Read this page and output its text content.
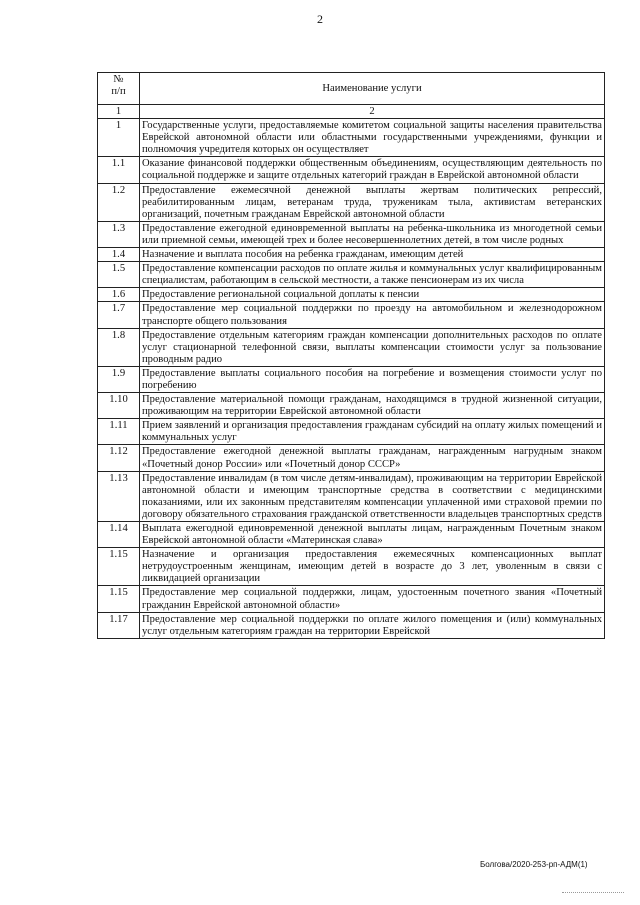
2
№
п/п	Наименование услуги
1	2
1	Государственные услуги, предоставляемые комитетом социальной защиты населения правительства Еврейской автономной области или областными государственными учреждениями, функции и полномочия учредителя которых он осуществляет
1.1	Оказание финансовой поддержки общественным объединениям, осуществляющим деятельность по социальной поддержке и защите отдельных категорий граждан в Еврейской автономной области
1.2	Предоставление ежемесячной денежной выплаты жертвам политических репрессий, реабилитированным лицам, ветеранам труда, труженикам тыла, активистам ветеранских организаций, почетным гражданам Еврейской автономной области
1.3	Предоставление ежегодной единовременной выплаты на ребенка-школьника из многодетной семьи или приемной семьи, имеющей трех и более несовершеннолетних детей, в том числе родных
1.4	Назначение и выплата пособия на ребенка гражданам, имеющим детей
1.5	Предоставление компенсации расходов по оплате жилья и коммунальных услуг квалифицированным специалистам, работающим в сельской местности, а также пенсионерам из их числа
1.6	Предоставление региональной социальной доплаты к пенсии
1.7	Предоставление мер социальной поддержки по проезду на автомобильном и железнодорожном транспорте общего пользования
1.8	Предоставление отдельным категориям граждан компенсации дополнительных расходов по оплате услуг стационарной телефонной связи, выплаты компенсации стоимости услуг за пользование проводным радио
1.9	Предоставление выплаты социального пособия на погребение и возмещения стоимости услуг по погребению
1.10	Предоставление материальной помощи гражданам, находящимся в трудной жизненной ситуации, проживающим на территории Еврейской автономной области
1.11	Прием заявлений и организация предоставления гражданам субсидий на оплату жилых помещений и коммунальных услуг
1.12	Предоставление ежегодной денежной выплаты гражданам, награжденным нагрудным знаком «Почетный донор России» или «Почетный донор СССР»
1.13	Предоставление инвалидам (в том числе детям-инвалидам), проживающим на территории Еврейской автономной области и имеющим транспортные средства в соответствии с медицинскими показаниями, или их законным представителям компенсации уплаченной ими страховой премии по договору обязательного страхования гражданской ответственности владельцев транспортных средств
1.14	Выплата ежегодной единовременной денежной выплаты лицам, награжденным Почетным знаком Еврейской автономной области «Материнская слава»
1.15	Назначение и организация предоставления ежемесячных компенсационных выплат нетрудоустроенным женщинам, имеющим детей в возрасте до 3 лет, уволенным в связи с ликвидацией организации
1.15	Предоставление мер социальной поддержки, лицам, удостоенным почетного звания «Почетный гражданин Еврейской автономной области»
1.17	Предоставление мер социальной поддержки по оплате жилого помещения и (или) коммунальных услуг отдельным категориям граждан на территории Еврейской
Болгова/2020-253-рп-АДМ(1)
